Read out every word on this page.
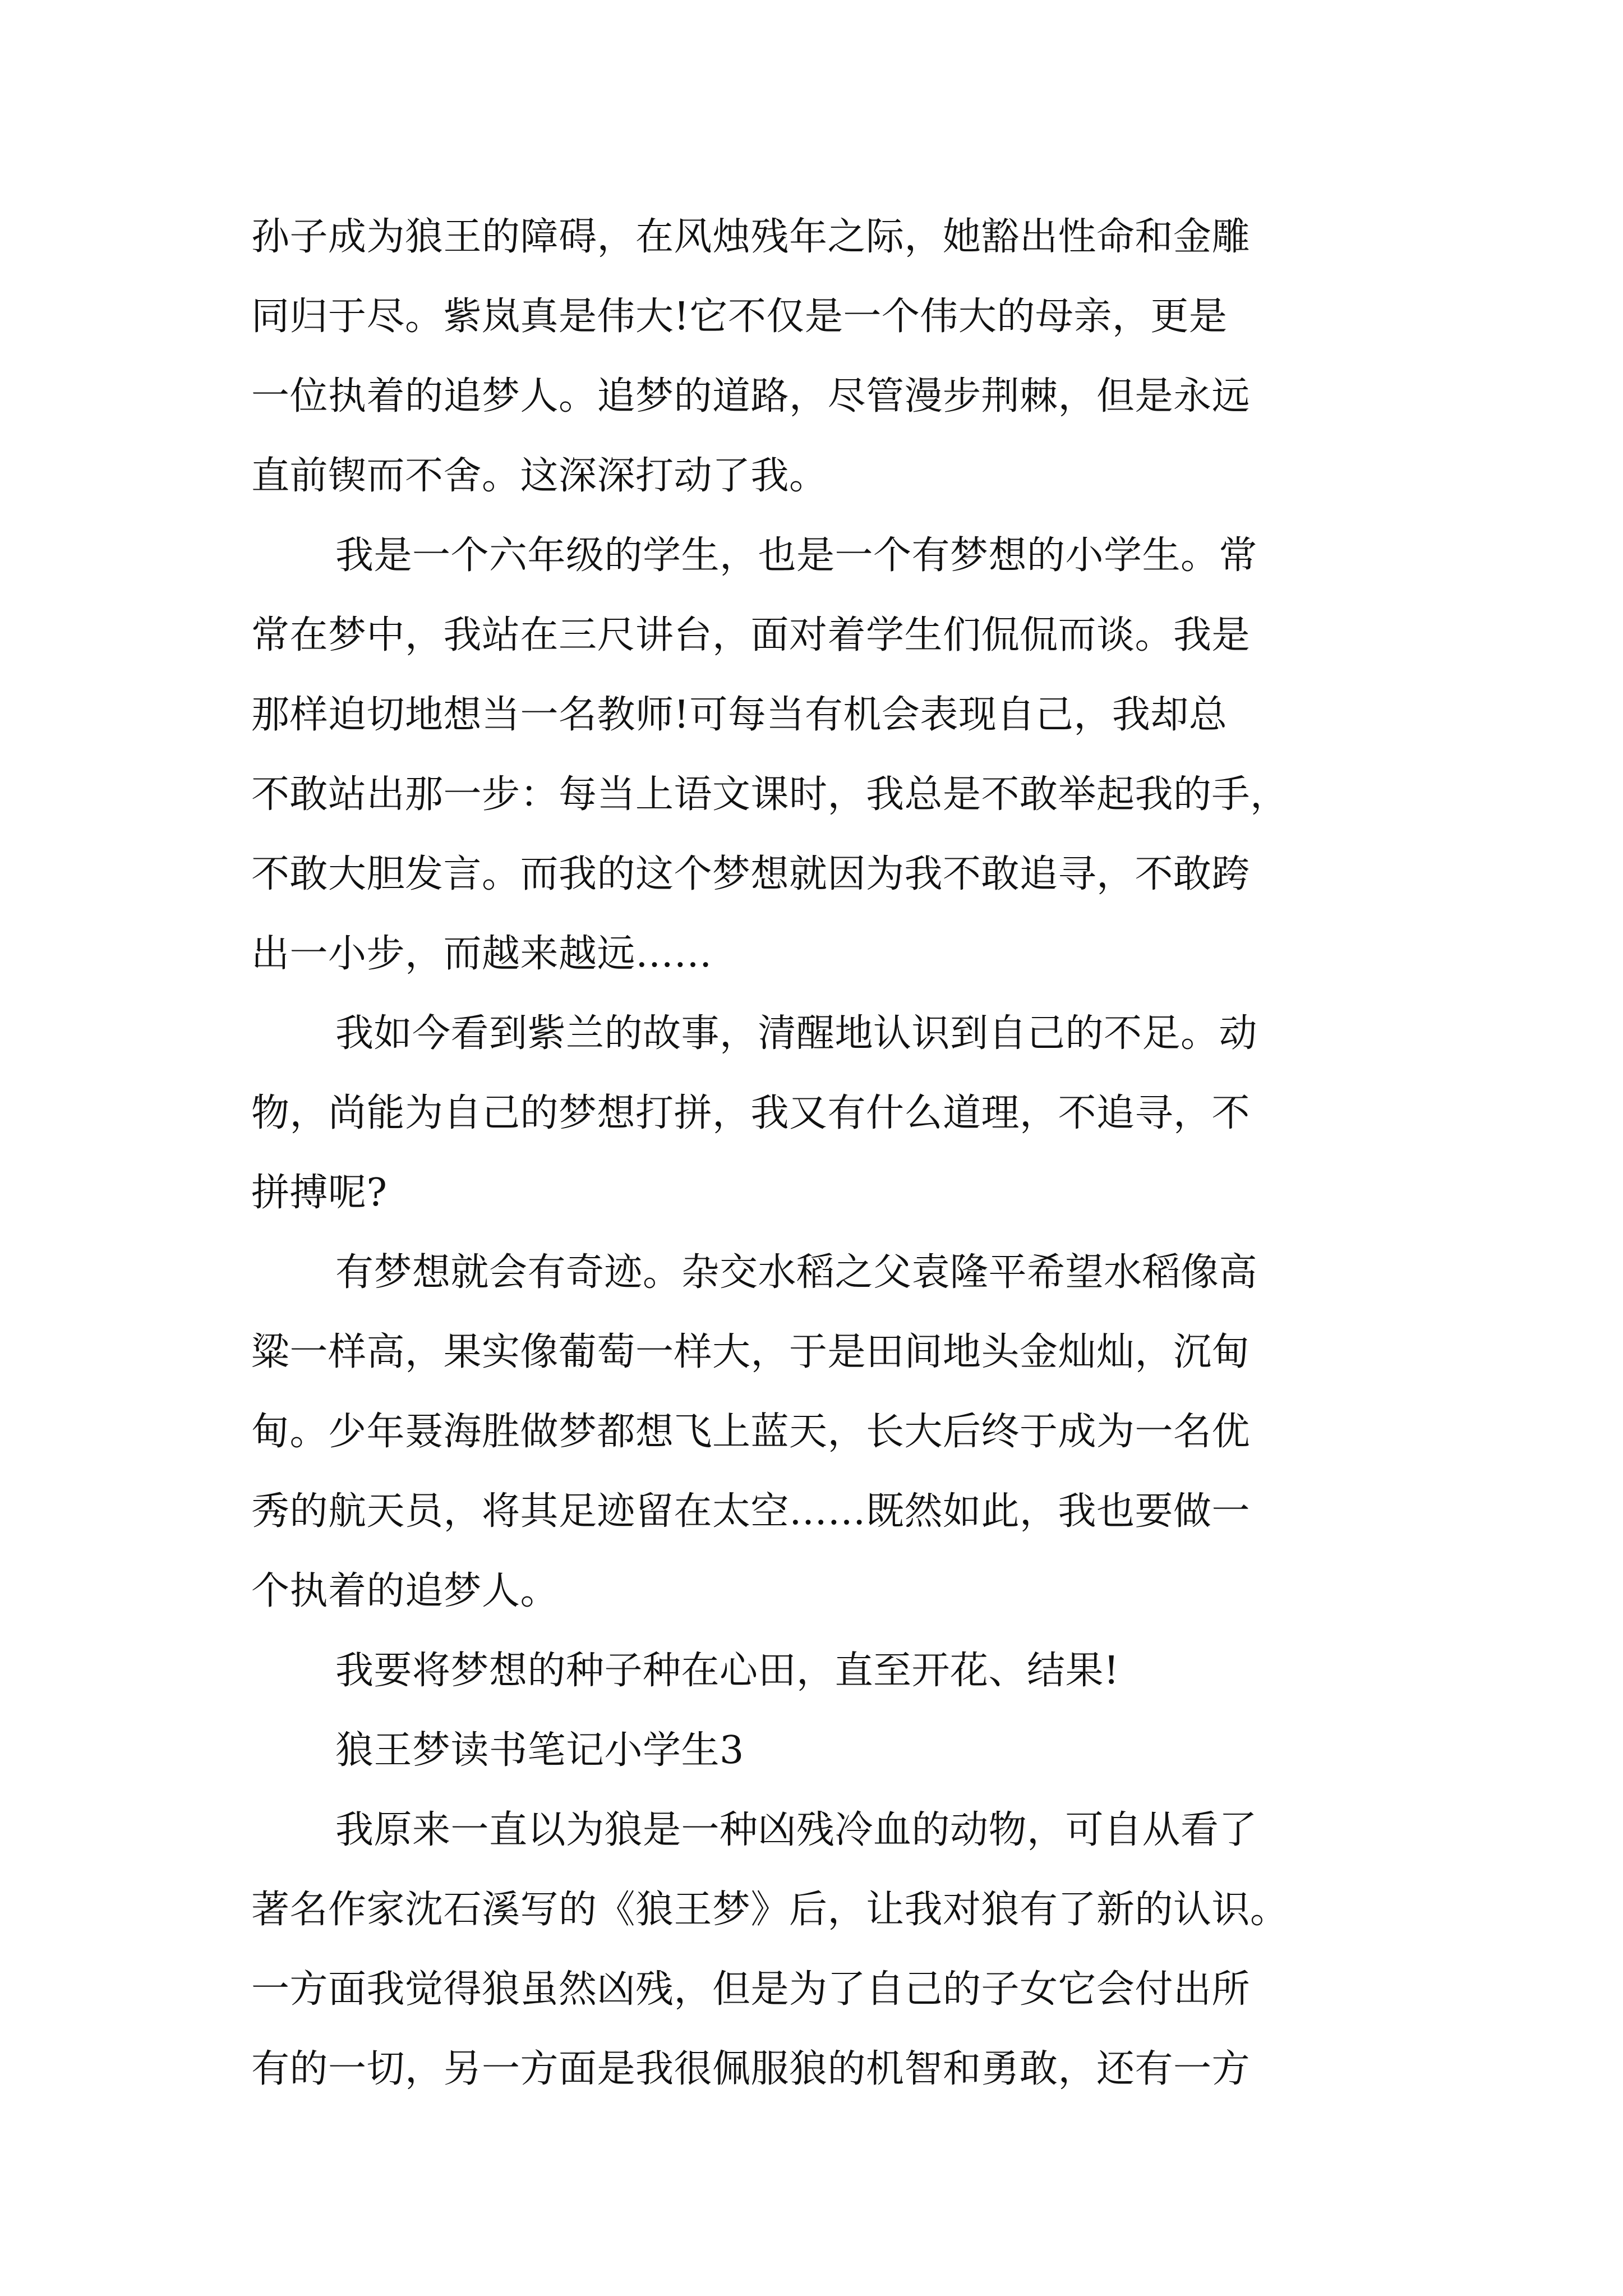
孙子成为狼王的障碍，在风烛残年之际，她豁出性命和金雕
同归于尽。紫岚真是伟大!它不仅是一个伟大的母亲，更是
一位执着的追梦人。追梦的道路，尽管漫步荆棘，但是永远
直前锲而不舍。这深深打动了我。
我是一个六年级的学生，也是一个有梦想的小学生。常
常在梦中，我站在三尺讲台，面对着学生们侃侃而谈。我是
那样迫切地想当一名教师!可每当有机会表现自己，我却总
不敢站出那一步：每当上语文课时，我总是不敢举起我的手，
不敢大胆发言。而我的这个梦想就因为我不敢追寻，不敢跨
出一小步，而越来越远……
我如今看到紫兰的故事，清醒地认识到自己的不足。动
物，尚能为自己的梦想打拼，我又有什么道理，不追寻，不
拼搏呢?
有梦想就会有奇迹。杂交水稻之父袁隆平希望水稻像高
粱一样高，果实像葡萄一样大，于是田间地头金灿灿，沉甸
甸。少年聂海胜做梦都想飞上蓝天，长大后终于成为一名优
秀的航天员，将其足迹留在太空……既然如此，我也要做一
个执着的追梦人。
我要将梦想的种子种在心田，直至开花、结果!
狼王梦读书笔记小学生3
我原来一直以为狼是一种凶残冷血的动物，可自从看了
著名作家沈石溪写的《狼王梦》后，让我对狼有了新的认识。
一方面我觉得狼虽然凶残，但是为了自己的子女它会付出所
有的一切，另一方面是我很佩服狼的机智和勇敢，还有一方
